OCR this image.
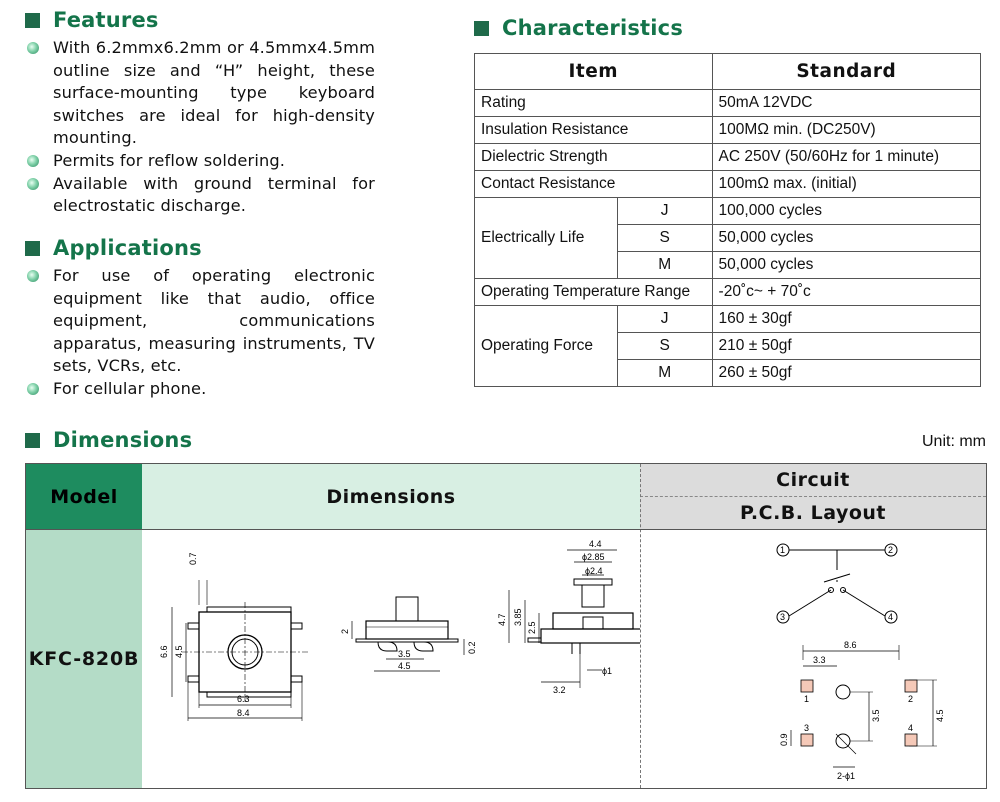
Features
With 6.2mmx6.2mm or 4.5mmx4.5mm outline size and “H” height, these surface-mounting type keyboard switches are ideal for high-density mounting.
Permits for reflow soldering.
Available with ground terminal for electrostatic discharge.
Applications
For use of operating electronic equipment like that audio, office equipment, communications apparatus, measuring instruments, TV sets, VCRs, etc.
For cellular phone.
Characteristics
Item		Standard
Rating		50mA 12VDC
Insulation Resistance		100MΩ min. (DC250V)
Dielectric Strength		AC 250V (50/60Hz for 1 minute)
Contact Resistance		100mΩ max. (initial)
Electrically Life	J	100,000 cycles
	S	50,000 cycles
	M	50,000 cycles
Operating Temperature Range		-20˚c~ + 70˚c
Operating Force	J	160 ± 30gf
	S	210 ± 50gf
	M	260 ± 50gf
Dimensions	Unit: mm
Model	Dimensions
Circuit
P.C.B. Layout
KFC-820B
0.7
6.6 4.5
6.3
8.4
2
3.5
4.5
0.2
4.4
ϕ2.85
ϕ2.4
4.7 3.85
2.5
3.2
ϕ1
1	2
3	4
8.6
3.3
3.5	4.5
0.9
2-ϕ1
1	2
3	4
